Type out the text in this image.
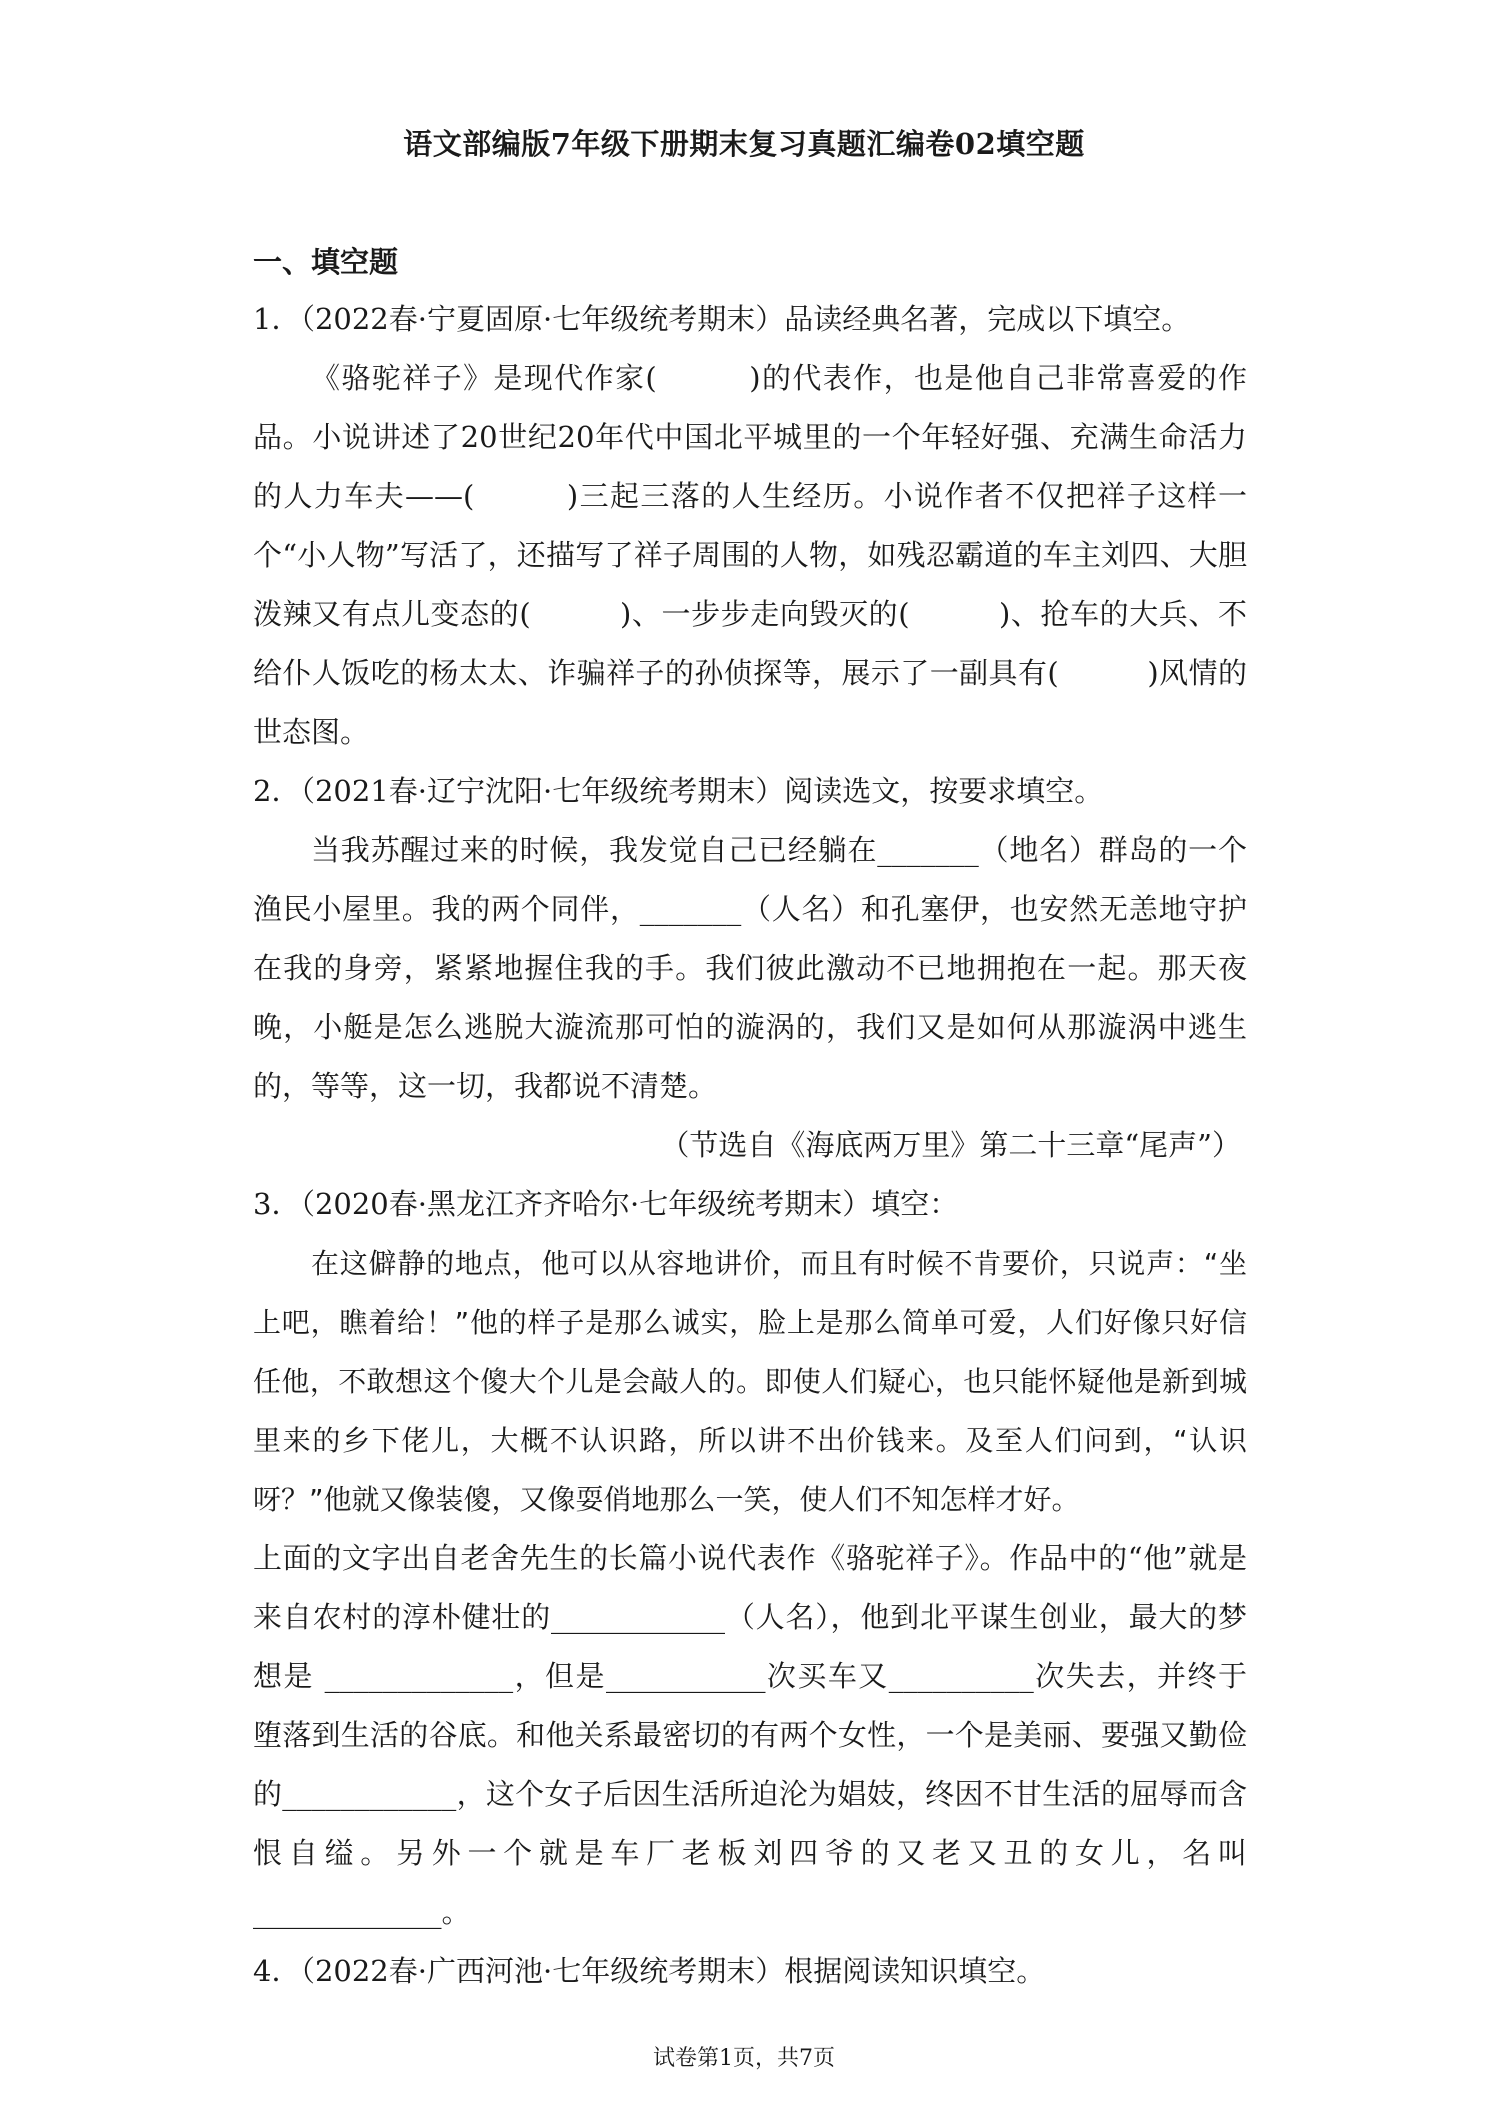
语文部编版7年级下册期末复习真题汇编卷02填空题
一、填空题

1．（2022春·宁夏固原·七年级统考期末）品读经典名著，完成以下填空。

《骆驼祥子》是现代作家(　　　)的代表作，也是他自己非常喜爱的作品。小说讲述了20世纪20年代中国北平城里的一个年轻好强、充满生命活力的人力车夫——(　　　)三起三落的人生经历。小说作者不仅把祥子这样一个“小人物”写活了，还描写了祥子周围的人物，如残忍霸道的车主刘四、大胆泼辣又有点儿变态的(　　　)、一步步走向毁灭的(　　　)、抢车的大兵、不给仆人饭吃的杨太太、诈骗祥子的孙侦探等，展示了一副具有(　　　)风情的世态图。

2．（2021春·辽宁沈阳·七年级统考期末）阅读选文，按要求填空。

当我苏醒过来的时候，我发觉自己已经躺在_______（地名）群岛的一个渔民小屋里。我的两个同伴，_______（人名）和孔塞伊，也安然无恙地守护在我的身旁，紧紧地握住我的手。我们彼此激动不已地拥抱在一起。那天夜晚，小艇是怎么逃脱大漩流那可怕的漩涡的，我们又是如何从那漩涡中逃生的，等等，这一切，我都说不清楚。

（节选自《海底两万里》第二十三章“尾声”）

3．（2020春·黑龙江齐齐哈尔·七年级统考期末）填空：

在这僻静的地点，他可以从容地讲价，而且有时候不肯要价，只说声：“坐上吧，瞧着给！”他的样子是那么诚实，脸上是那么简单可爱，人们好像只好信任他，不敢想这个傻大个儿是会敲人的。即使人们疑心，也只能怀疑他是新到城里来的乡下佬儿，大概不认识路，所以讲不出价钱来。及至人们问到，“认识呀？”他就又像装傻，又像耍俏地那么一笑，使人们不知怎样才好。

上面的文字出自老舍先生的长篇小说代表作《骆驼祥子》。作品中的“他”就是来自农村的淳朴健壮的____________（人名），他到北平谋生创业，最大的梦想是 _____________，但是___________次买车又__________次失去，并终于堕落到生活的谷底。和他关系最密切的有两个女性，一个是美丽、要强又勤俭的____________，这个女子后因生活所迫沦为娼妓，终因不甘生活的屈辱而含恨自缢。另外一个就是车厂老板刘四爷的又老又丑的女儿，名叫_____________。

4．（2022春·广西河池·七年级统考期末）根据阅读知识填空。

试卷第1页，共7页
